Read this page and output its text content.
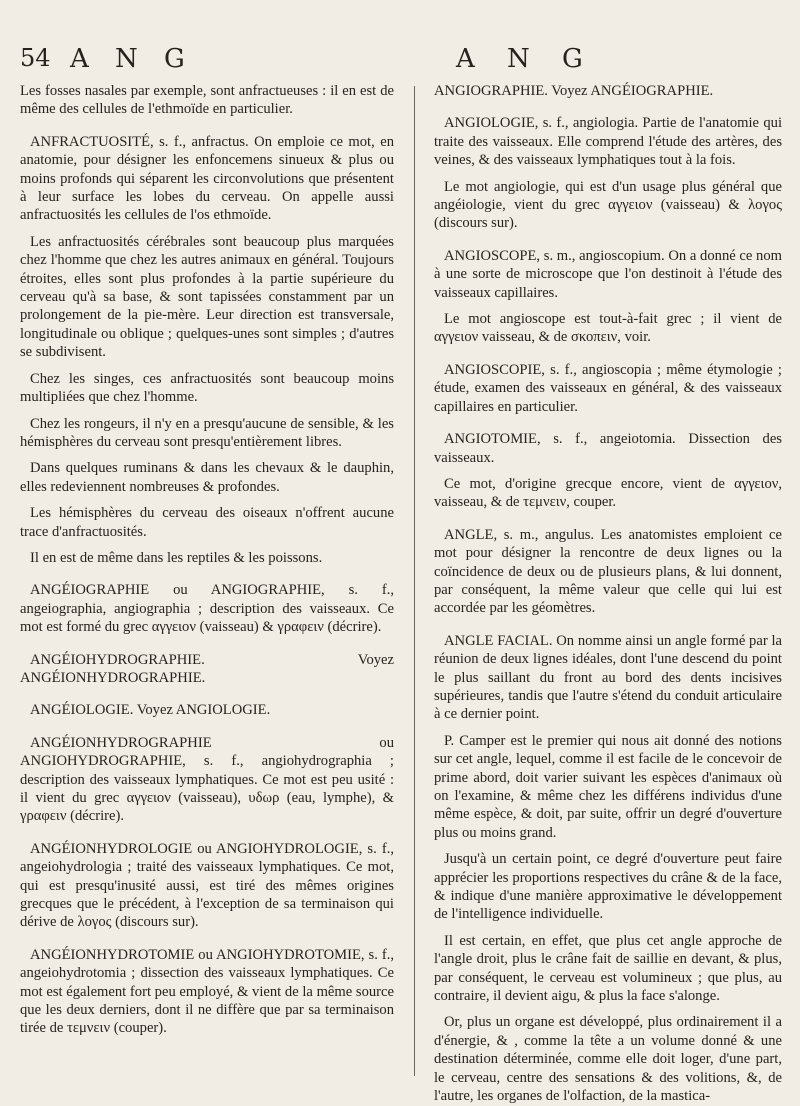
54 A N G	A N G

Les fosses nasales par exemple, sont anfractueuses : il en est de même des cellules de l'ethmoïde en particulier.

ANFRACTUOSITÉ, s. f., anfractus. On emploie ce mot, en anatomie, pour désigner les enfoncemens sinueux & plus ou moins profonds qui séparent les circonvolutions que présentent à leur surface les lobes du cerveau. On appelle aussi anfractuosités les cellules de l'os ethmoïde.

Les anfractuosités cérébrales sont beaucoup plus marquées chez l'homme que chez les autres animaux en général. Toujours étroites, elles sont plus profondes à la partie supérieure du cerveau qu'à sa base, & sont tapissées constamment par un prolongement de la pie-mère. Leur direction est transversale, longitudinale ou oblique ; quelques-unes sont simples ; d'autres se subdivisent.

Chez les singes, ces anfractuosités sont beaucoup moins multipliées que chez l'homme.

Chez les rongeurs, il n'y en a presqu'aucune de sensible, & les hémisphères du cerveau sont presqu'entièrement libres.

Dans quelques ruminans & dans les chevaux & le dauphin, elles redeviennent nombreuses & profondes.

Les hémisphères du cerveau des oiseaux n'offrent aucune trace d'anfractuosités.

Il en est de même dans les reptiles & les poissons.

ANGÉIOGRAPHIE ou ANGIOGRAPHIE, s. f., angeiographia, angiographia ; description des vaisseaux. Ce mot est formé du grec αγγειον (vaisseau) & γραφειν (décrire).

ANGÉIOHYDROGRAPHIE. Voyez ANGÉIONHYDROGRAPHIE.

ANGÉIOLOGIE. Voyez ANGIOLOGIE.

ANGÉIONHYDROGRAPHIE ou ANGIOHYDROGRAPHIE, s. f., angiohydrographia ; description des vaisseaux lymphatiques. Ce mot est peu usité : il vient du grec αγγειον (vaisseau), υδωρ (eau, lymphe), & γραφειν (décrire).

ANGÉIONHYDROLOGIE ou ANGIOHYDROLOGIE, s. f., angeiohydrologia ; traité des vaisseaux lymphatiques. Ce mot, qui est presqu'inusité aussi, est tiré des mêmes origines grecques que le précédent, à l'exception de sa terminaison qui dérive de λογος (discours sur).

ANGÉIONHYDROTOMIE ou ANGIOHYDROTOMIE, s. f., angeiohydrotomia ; dissection des vaisseaux lymphatiques. Ce mot est également fort peu employé, & vient de la même source que les deux derniers, dont il ne diffère que par sa terminaison tirée de τεμνειν (couper).

ANGIOGRAPHIE. Voyez ANGÉIOGRAPHIE.

ANGIOLOGIE, s. f., angiologia. Partie de l'anatomie qui traite des vaisseaux. Elle comprend l'étude des artères, des veines, & des vaisseaux lymphatiques tout à la fois.

Le mot angiologie, qui est d'un usage plus général que angéiologie, vient du grec αγγειον (vaisseau) & λογος (discours sur).

ANGIOSCOPE, s. m., angioscopium. On a donné ce nom à une sorte de microscope que l'on destinoit à l'étude des vaisseaux capillaires.

Le mot angioscope est tout-à-fait grec ; il vient de αγγειον vaisseau, & de σκοπειν, voir.

ANGIOSCOPIE, s. f., angioscopia ; même étymologie ; étude, examen des vaisseaux en général, & des vaisseaux capillaires en particulier.

ANGIOTOMIE, s. f., angeiotomia. Dissection des vaisseaux.

Ce mot, d'origine grecque encore, vient de αγγειον, vaisseau, & de τεμνειν, couper.

ANGLE, s. m., angulus. Les anatomistes emploient ce mot pour désigner la rencontre de deux lignes ou la coïncidence de deux ou de plusieurs plans, & lui donnent, par conséquent, la même valeur que celle qui lui est accordée par les géomètres.

ANGLE FACIAL. On nomme ainsi un angle formé par la réunion de deux lignes idéales, dont l'une descend du point le plus saillant du front au bord des dents incisives supérieures, tandis que l'autre s'étend du conduit articulaire à ce dernier point.

P. Camper est le premier qui nous ait donné des notions sur cet angle, lequel, comme il est facile de le concevoir de prime abord, doit varier suivant les espèces d'animaux où on l'examine, & même chez les différens individus d'une même espèce, & doit, par suite, offrir un degré d'ouverture plus ou moins grand.

Jusqu'à un certain point, ce degré d'ouverture peut faire apprécier les proportions respectives du crâne & de la face, & indique d'une manière approximative le développement de l'intelligence individuelle.

Il est certain, en effet, que plus cet angle approche de l'angle droit, plus le crâne fait de saillie en devant, & plus, par conséquent, le cerveau est volumineux ; que plus, au contraire, il devient aigu, & plus la face s'alonge.

Or, plus un organe est développé, plus ordinairement il a d'énergie, & , comme la tête a un volume donné & une destination déterminée, comme elle doit loger, d'une part, le cerveau, centre des sensations & des volitions, &, de l'autre, les organes de l'olfaction, de la mastica-
